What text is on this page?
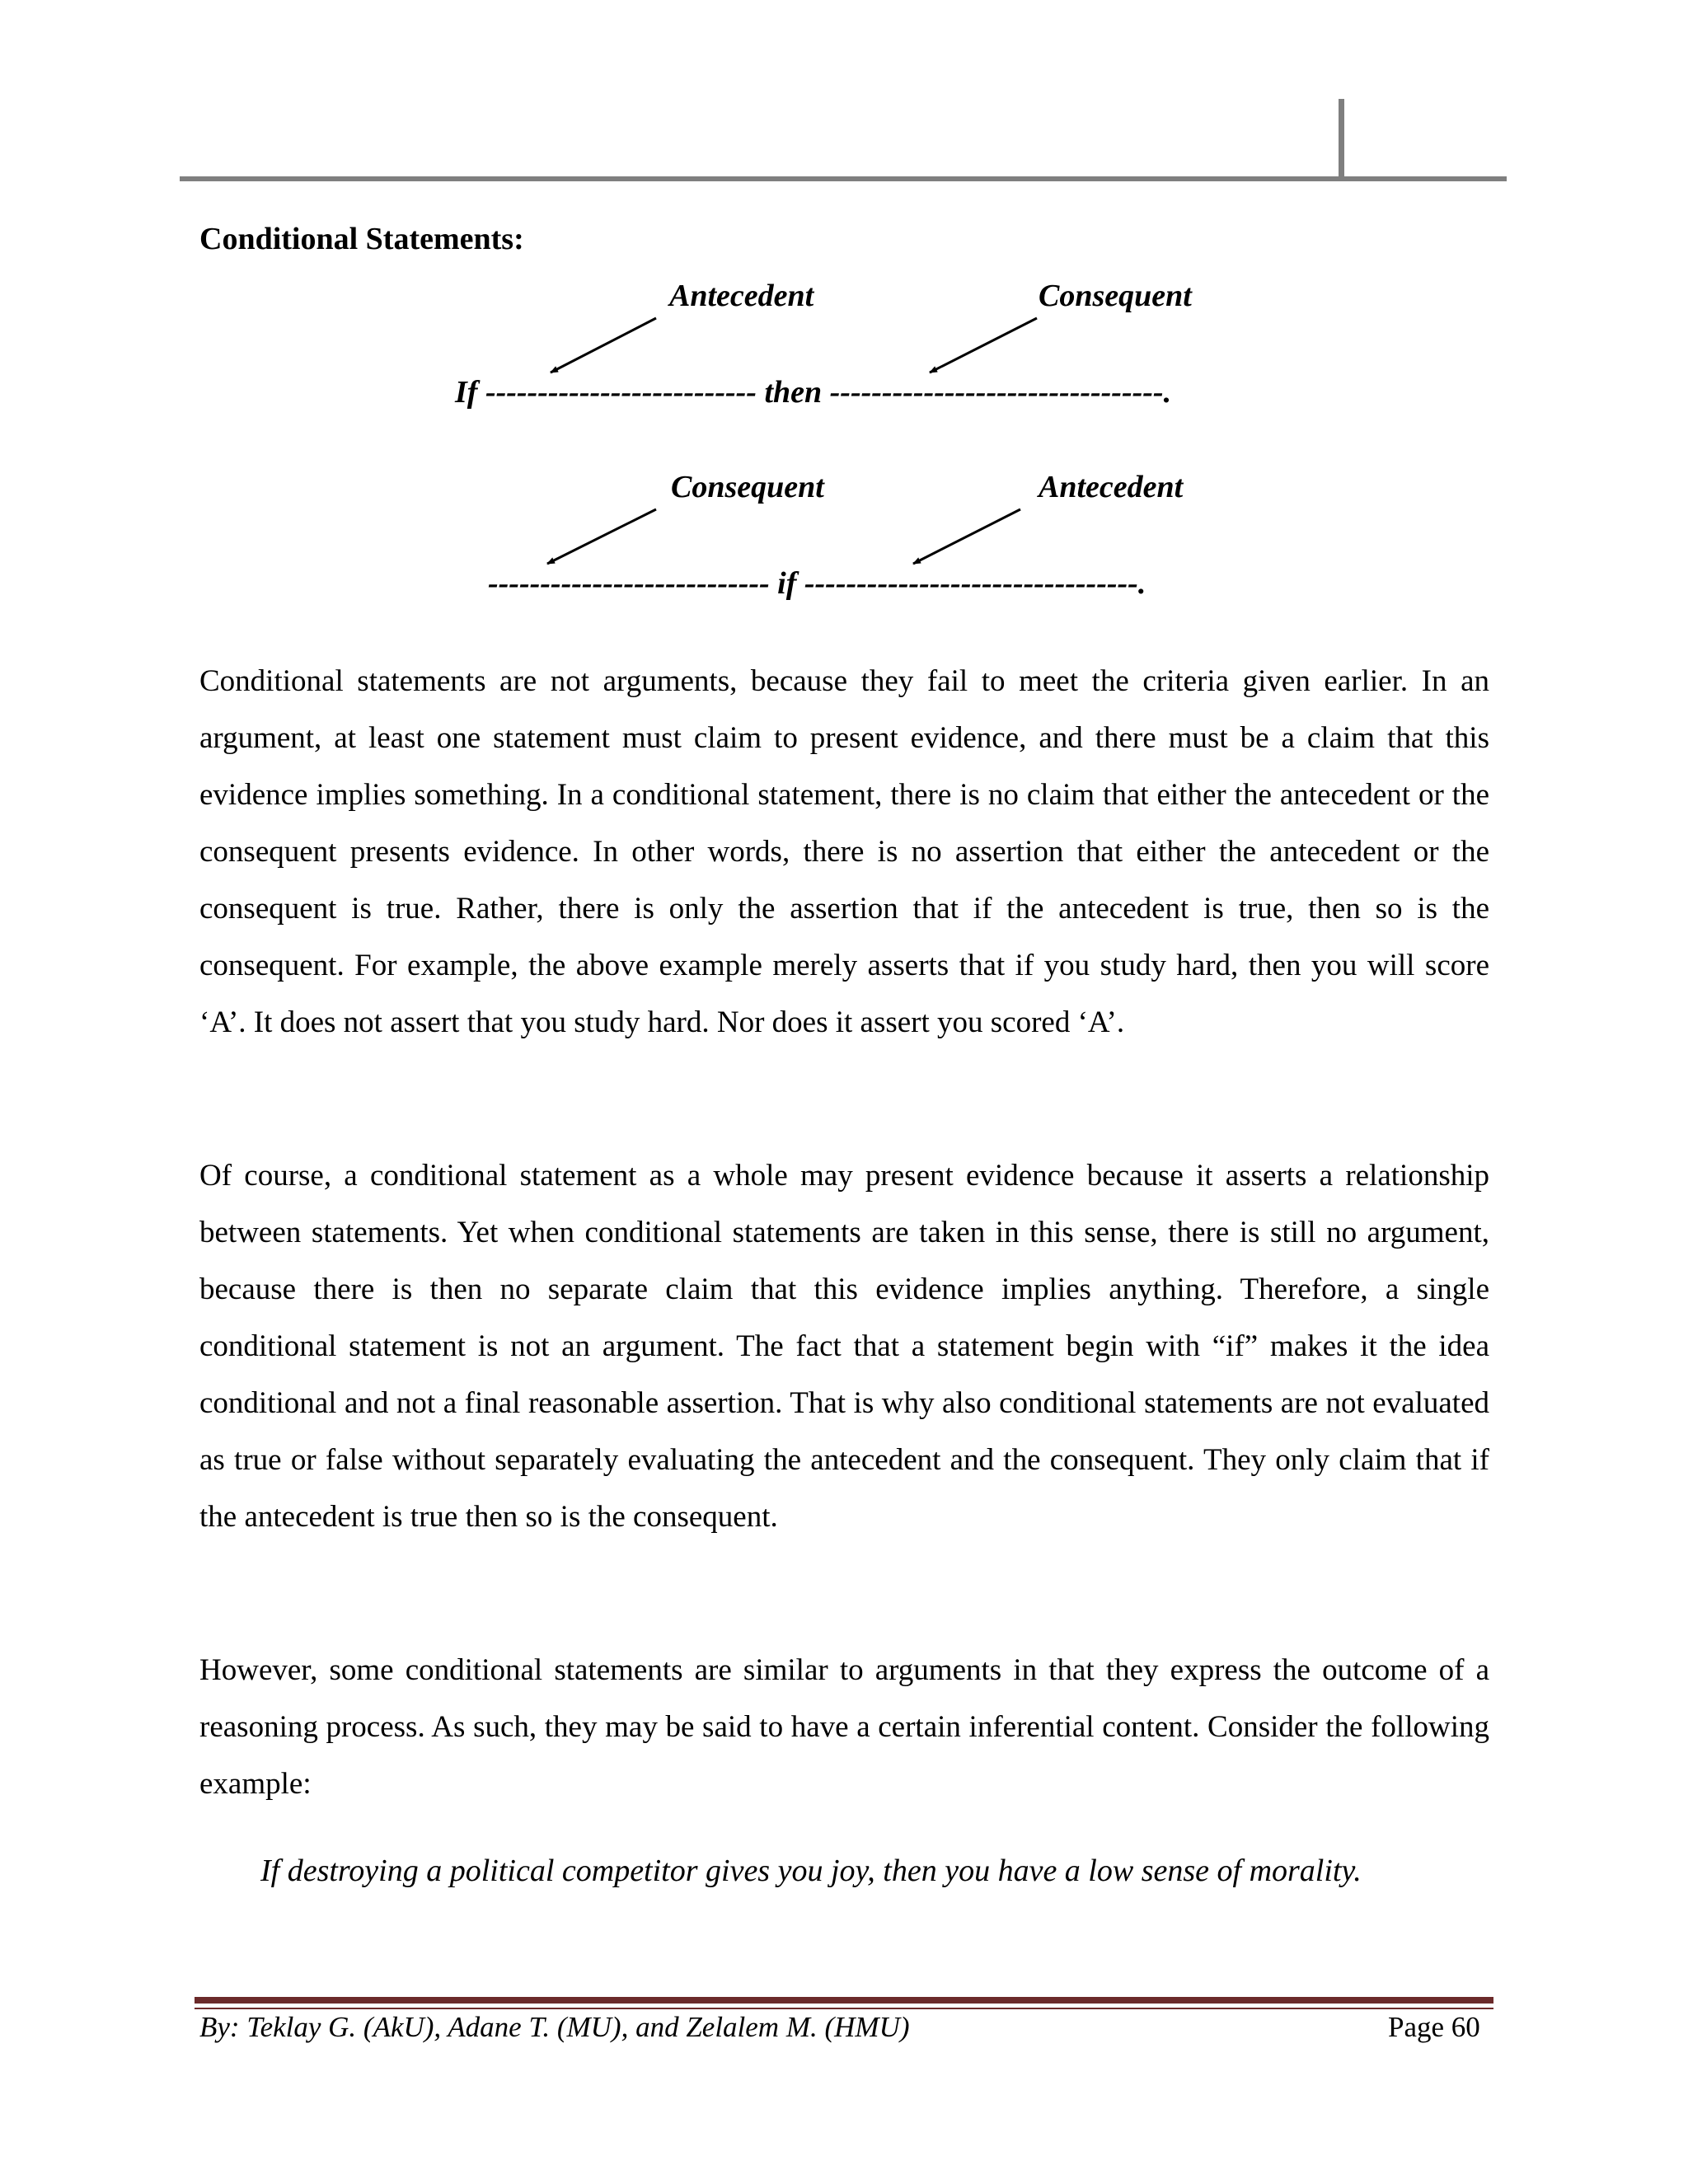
Conditional Statements:
Antecedent	Consequent
If -------------------------- then --------------------------------.
Consequent	Antecedent
--------------------------- if --------------------------------.

Conditional statements are not arguments, because they fail to meet the criteria given earlier. In an argument, at least one statement must claim to present evidence, and there must be a claim that this evidence implies something. In a conditional statement, there is no claim that either the antecedent or the consequent presents evidence. In other words, there is no assertion that either the antecedent or the consequent is true. Rather, there is only the assertion that if the antecedent is true, then so is the consequent. For example, the above example merely asserts that if you study hard, then you will score ‘A’. It does not assert that you study hard. Nor does it assert you scored ‘A’.

Of course, a conditional statement as a whole may present evidence because it asserts a relationship between statements. Yet when conditional statements are taken in this sense, there is still no argument, because there is then no separate claim that this evidence implies anything. Therefore, a single conditional statement is not an argument. The fact that a statement begin with “if” makes it the idea conditional and not a final reasonable assertion. That is why also conditional statements are not evaluated as true or false without separately evaluating the antecedent and the consequent. They only claim that if the antecedent is true then so is the consequent.

However, some conditional statements are similar to arguments in that they express the outcome of a reasoning process. As such, they may be said to have a certain inferential content. Consider the following example:

If destroying a political competitor gives you joy, then you have a low sense of morality.
By: Teklay G. (AkU), Adane T. (MU), and Zelalem M. (HMU)	Page 60
